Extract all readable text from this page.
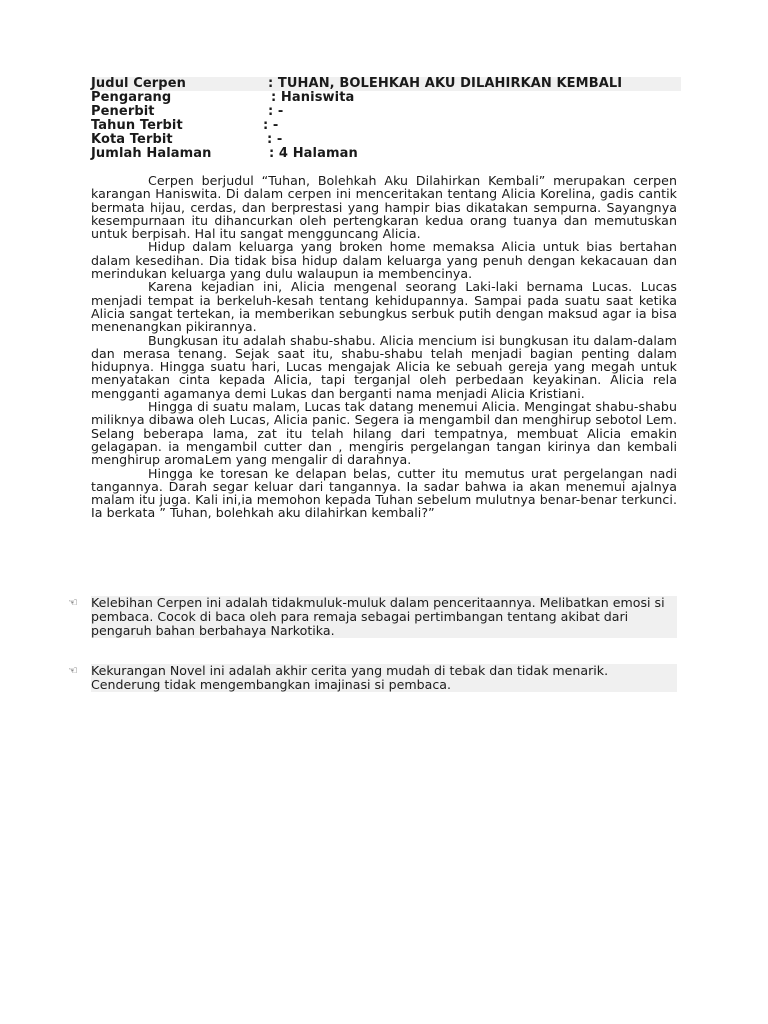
Judul Cerpen	: TUHAN, BOLEHKAH AKU DILAHIRKAN KEMBALI
Pengarang	: Haniswita
Penerbit	: -
Tahun Terbit	: -
Kota Terbit	: -
Jumlah Halaman	: 4 Halaman

Cerpen berjudul “Tuhan, Bolehkah Aku Dilahirkan Kembali” merupakan cerpen karangan Haniswita. Di dalam cerpen ini menceritakan tentang Alicia Korelina, gadis cantik bermata hijau, cerdas, dan berprestasi yang hampir bias dikatakan sempurna. Sayangnya kesempurnaan itu dihancurkan oleh pertengkaran kedua orang tuanya dan memutuskan untuk berpisah. Hal itu sangat mengguncang Alicia.

Hidup dalam keluarga yang broken home memaksa Alicia untuk bias bertahan dalam kesedihan. Dia tidak bisa hidup dalam keluarga yang penuh dengan kekacauan dan merindukan keluarga yang dulu walaupun ia membencinya.

Karena kejadian ini, Alicia mengenal seorang Laki-laki bernama Lucas. Lucas menjadi tempat ia berkeluh-kesah tentang kehidupannya. Sampai pada suatu saat ketika Alicia sangat tertekan, ia memberikan sebungkus serbuk putih dengan maksud agar ia bisa menenangkan pikirannya.

Bungkusan itu adalah shabu-shabu. Alicia mencium isi bungkusan itu dalam-dalam dan merasa tenang. Sejak saat itu, shabu-shabu telah menjadi bagian penting dalam hidupnya. Hingga suatu hari, Lucas mengajak Alicia ke sebuah gereja yang megah untuk menyatakan cinta kepada Alicia, tapi terganjal oleh perbedaan keyakinan. Alicia rela mengganti agamanya demi Lukas dan berganti nama menjadi Alicia Kristiani.

Hingga di suatu malam, Lucas tak datang menemui Alicia. Mengingat shabu-shabu miliknya dibawa oleh Lucas, Alicia panic. Segera ia mengambil dan menghirup sebotol Lem. Selang beberapa lama, zat itu telah hilang dari tempatnya, membuat Alicia emakin gelagapan. ia mengambil cutter dan , mengiris pergelangan tangan kirinya dan kembali menghirup aromaLem yang mengalir di darahnya.

Hingga ke toresan ke delapan belas, cutter itu memutus urat pergelangan nadi tangannya. Darah segar keluar dari tangannya. Ia sadar bahwa ia akan menemui ajalnya malam itu juga. Kali ini,ia memohon kepada Tuhan sebelum mulutnya benar-benar terkunci. Ia berkata ” Tuhan, bolehkah aku dilahirkan kembali?”

☜	Kelebihan Cerpen ini adalah tidakmuluk-muluk dalam penceritaannya. Melibatkan emosi si pembaca. Cocok di baca oleh para remaja sebagai pertimbangan tentang akibat dari pengaruh bahan berbahaya Narkotika.
☜	Kekurangan Novel ini adalah akhir cerita yang mudah di tebak dan tidak menarik. Cenderung tidak mengembangkan imajinasi si pembaca.
